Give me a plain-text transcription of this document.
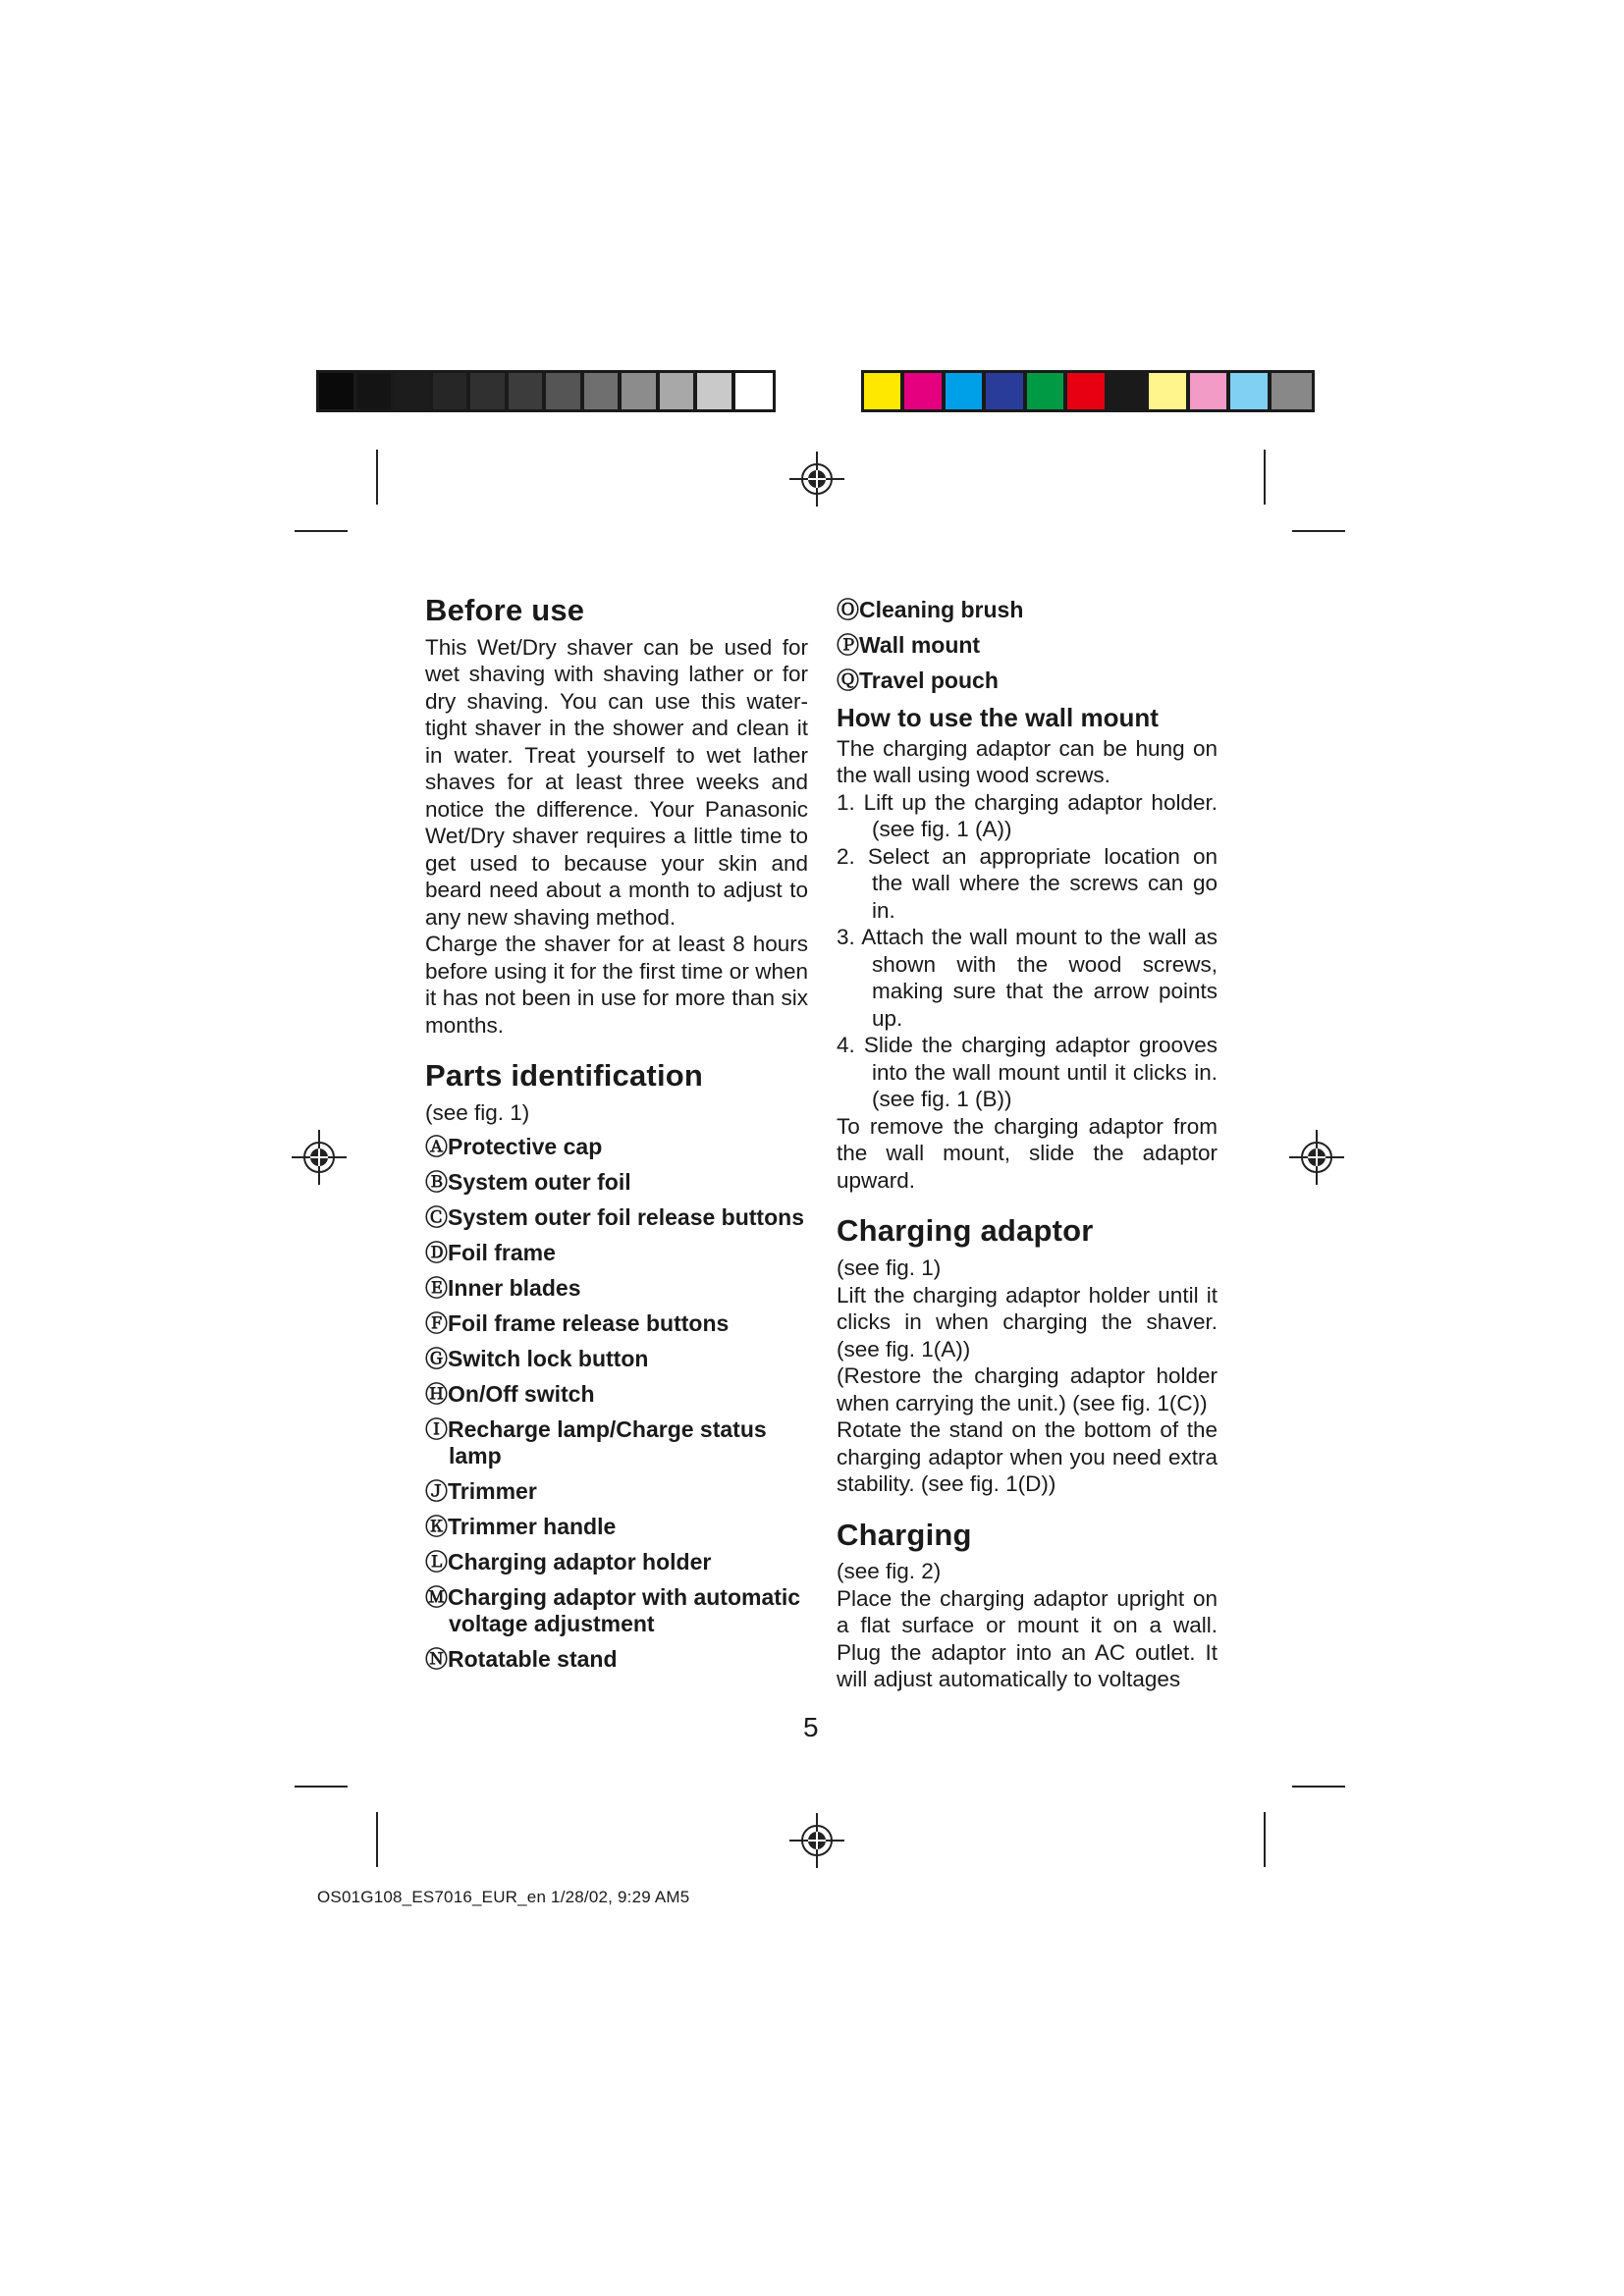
Before use

This Wet/Dry shaver can be used for wet shaving with shaving lather or for dry shaving. You can use this water-tight shaver in the shower and clean it in water. Treat yourself to wet lather shaves for at least three weeks and notice the difference. Your Panasonic Wet/Dry shaver requires a little time to get used to because your skin and beard need about a month to adjust to any new shaving method.

Charge the shaver for at least 8 hours before using it for the first time or when it has not been in use for more than six months.

Parts identification

(see fig. 1)

ⒶProtective cap
ⒷSystem outer foil
ⒸSystem outer foil release buttons
ⒹFoil frame
ⒺInner blades
ⒻFoil frame release buttons
ⒼSwitch lock button
ⒽOn/Off switch
ⒾRecharge lamp/Charge status lamp
ⒿTrimmer
ⓀTrimmer handle
ⓁCharging adaptor holder
ⓂCharging adaptor with automatic voltage adjustment
ⓃRotatable stand
ⓄCleaning brush
ⓅWall mount
ⓆTravel pouch
How to use the wall mount

The charging adaptor can be hung on the wall using wood screws.

1. Lift up the charging adaptor holder. (see fig. 1 (A))
2. Select an appropriate location on the wall where the screws can go in.
3. Attach the wall mount to the wall as shown with the wood screws, making sure that the arrow points up.
4. Slide the charging adaptor grooves into the wall mount until it clicks in. (see fig. 1 (B))

To remove the charging adaptor from the wall mount, slide the adaptor upward.

Charging adaptor

(see fig. 1)

Lift the charging adaptor holder until it clicks in when charging the shaver. (see fig. 1(A))

(Restore the charging adaptor holder when carrying the unit.) (see fig. 1(C))

Rotate the stand on the bottom of the charging adaptor when you need extra stability. (see fig. 1(D))

Charging

(see fig. 2)

Place the charging adaptor upright on a flat surface or mount it on a wall. Plug the adaptor into an AC outlet. It will adjust automatically to voltages

5
OS01G108_ES7016_EUR_en 1/28/02, 9:29 AM5
